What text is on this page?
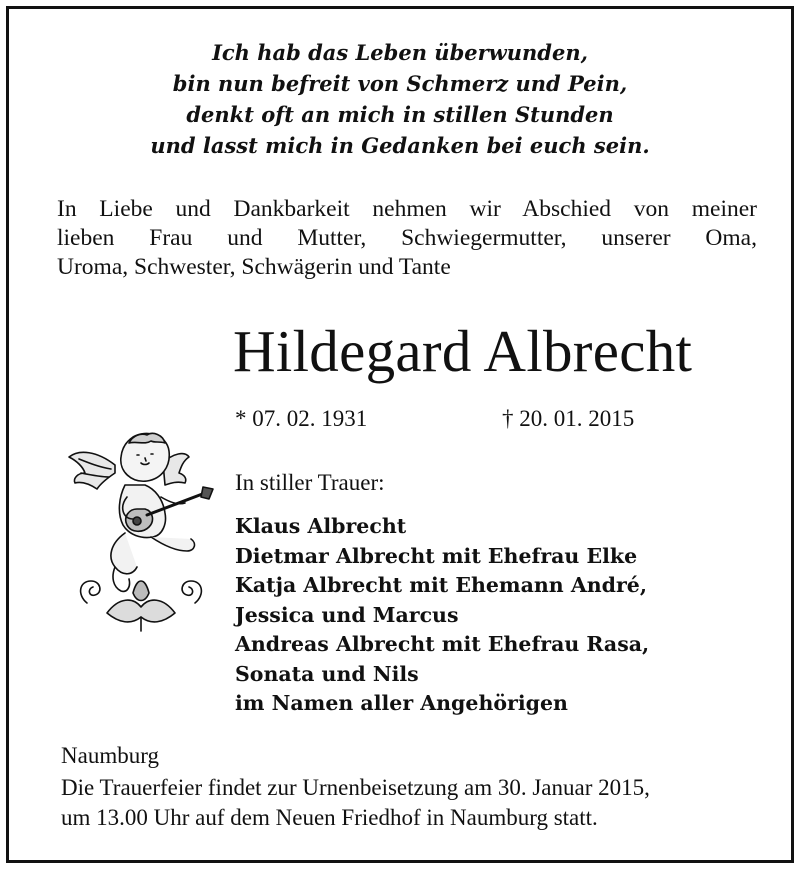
Ich hab das Leben überwunden,
bin nun befreit von Schmerz und Pein,
denkt oft an mich in stillen Stunden
und lasst mich in Gedanken bei euch sein.
In Liebe und Dankbarkeit nehmen wir Abschied von meiner
lieben Frau und Mutter, Schwiegermutter, unserer Oma,
Uroma, Schwester, Schwägerin und Tante
Hildegard Albrecht
* 07. 02. 1931	† 20. 01. 2015
In stiller Trauer:
Klaus Albrecht
Dietmar Albrecht mit Ehefrau Elke
Katja Albrecht mit Ehemann André,
Jessica und Marcus
Andreas Albrecht mit Ehefrau Rasa,
Sonata und Nils
im Namen aller Angehörigen
Naumburg
Die Trauerfeier findet zur Urnenbeisetzung am 30. Januar 2015,
um 13.00 Uhr auf dem Neuen Friedhof in Naumburg statt.
